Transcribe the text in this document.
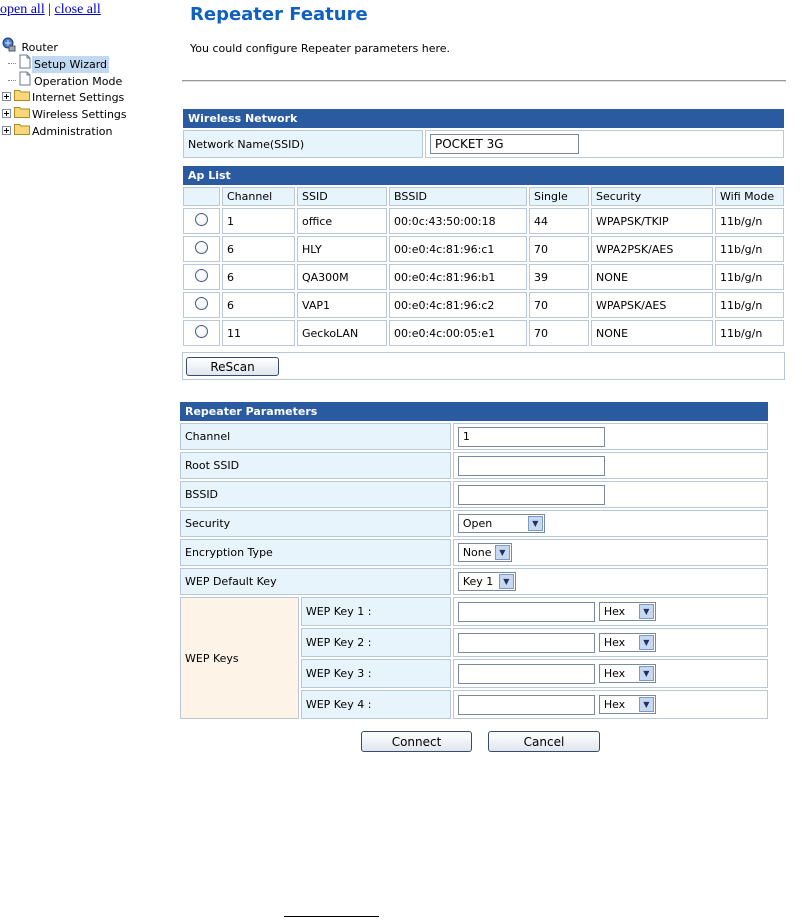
open all | close all
Router
Setup Wizard
Operation Mode
Internet Settings
Wireless Settings
Administration
Repeater Feature
You could configure Repeater parameters here.
Wireless Network
Network Name(SSID)	POCKET 3G
Ap List						
	Channel	SSID	BSSID	Single	Security	Wifi Mode
	1	office	00:0c:43:50:00:18	44	WPAPSK/TKIP	11b/g/n
	6	HLY	00:e0:4c:81:96:c1	70	WPA2PSK/AES	11b/g/n
	6	QA300M	00:e0:4c:81:96:b1	39	NONE	11b/g/n
	6	VAP1	00:e0:4c:81:96:c2	70	WPAPSK/AES	11b/g/n
	11	GeckoLAN	00:e0:4c:00:05:e1	70	NONE	11b/g/n
ReScan
Repeater Parameters		
Channel	1
Root SSID	
BSSID	
Security		Open ▼

Encryption Type		None ▼

WEP Default Key		Key 1 ▼

WEP Keys	WEP Key 1 :	Hex ▼

	WEP Key 2 :	Hex ▼

	WEP Key 3 :	Hex ▼

	WEP Key 4 :	Hex ▼
Connect	Cancel
